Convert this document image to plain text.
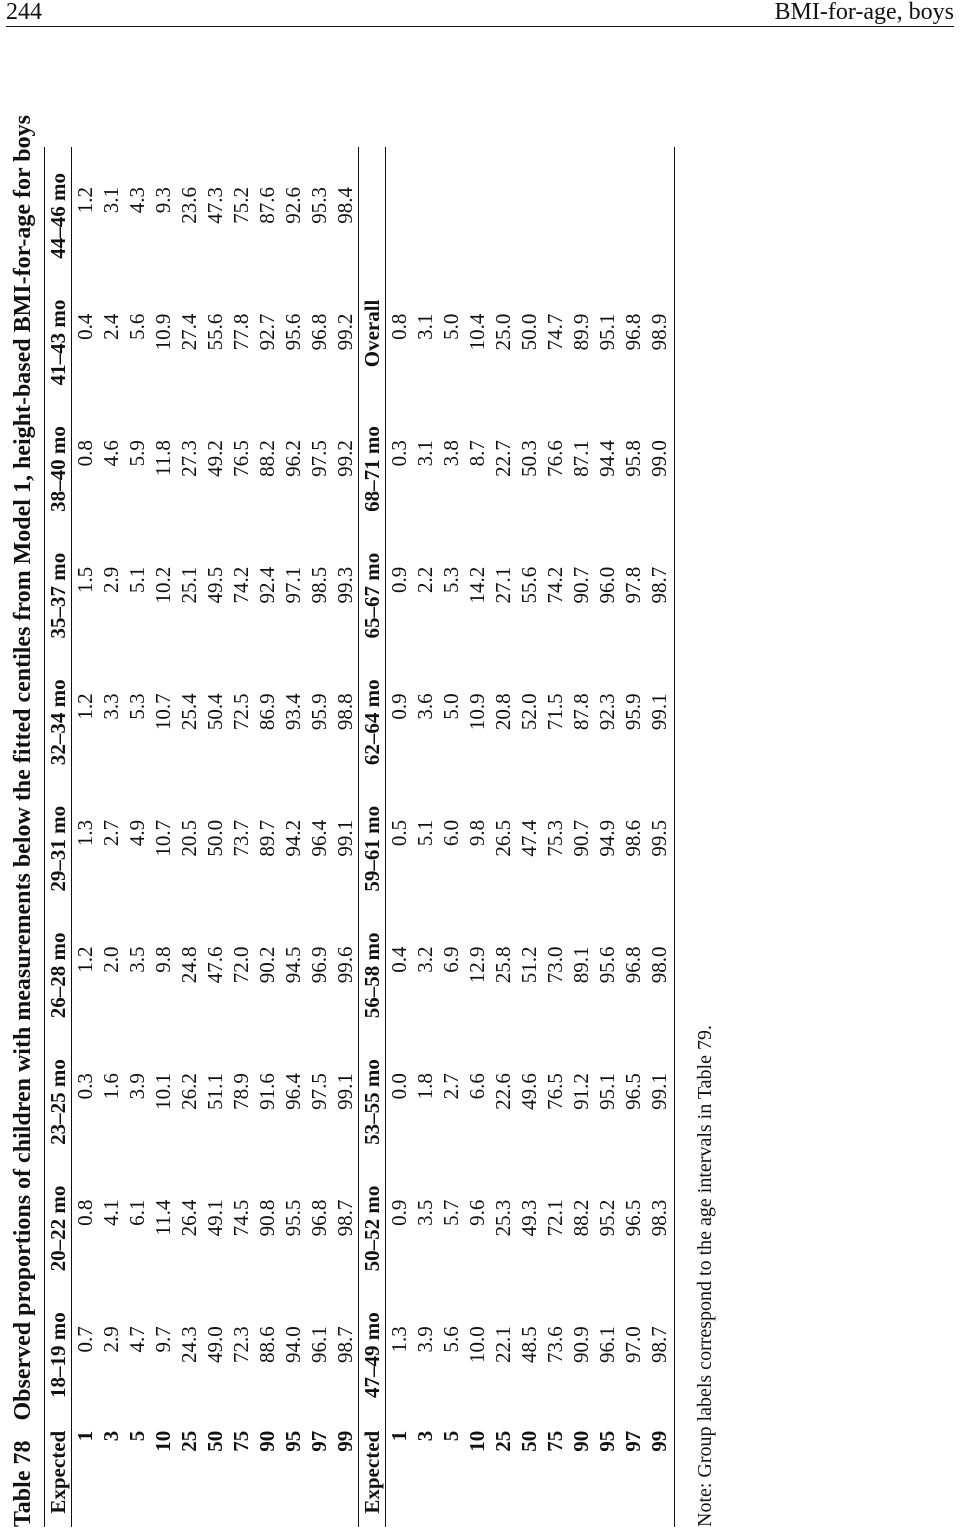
244	BMI-for-age, boys
Table 78 Observed proportions of children with measurements below the fitted centiles from Model 1, height-based BMI-for-age for boys
Expected	18–19 mo	20–22 mo	23–25 mo	26–28 mo	29–31 mo	32–34 mo	35–37 mo	38–40 mo	41–43 mo	44–46 mo
1	0.7	0.8	0.3	1.2	1.3	1.2	1.5	0.8	0.4	1.2
3	2.9	4.1	1.6	2.0	2.7	3.3	2.9	4.6	2.4	3.1
5	4.7	6.1	3.9	3.5	4.9	5.3	5.1	5.9	5.6	4.3
10	9.7	11.4	10.1	9.8	10.7	10.7	10.2	11.8	10.9	9.3
25	24.3	26.4	26.2	24.8	20.5	25.4	25.1	27.3	27.4	23.6
50	49.0	49.1	51.1	47.6	50.0	50.4	49.5	49.2	55.6	47.3
75	72.3	74.5	78.9	72.0	73.7	72.5	74.2	76.5	77.8	75.2
90	88.6	90.8	91.6	90.2	89.7	86.9	92.4	88.2	92.7	87.6
95	94.0	95.5	96.4	94.5	94.2	93.4	97.1	96.2	95.6	92.6
97	96.1	96.8	97.5	96.9	96.4	95.9	98.5	97.5	96.8	95.3
99	98.7	98.7	99.1	99.6	99.1	98.8	99.3	99.2	99.2	98.4
Expected	47–49 mo	50–52 mo	53–55 mo	56–58 mo	59–61 mo	62–64 mo	65–67 mo	68–71 mo	Overall	
1	1.3	0.9	0.0	0.4	0.5	0.9	0.9	0.3	0.8	
3	3.9	3.5	1.8	3.2	5.1	3.6	2.2	3.1	3.1	
5	5.6	5.7	2.7	6.9	6.0	5.0	5.3	3.8	5.0	
10	10.0	9.6	6.6	12.9	9.8	10.9	14.2	8.7	10.4	
25	22.1	25.3	22.6	25.8	26.5	20.8	27.1	22.7	25.0	
50	48.5	49.3	49.6	51.2	47.4	52.0	55.6	50.3	50.0	
75	73.6	72.1	76.5	73.0	75.3	71.5	74.2	76.6	74.7	
90	90.9	88.2	91.2	89.1	90.7	87.8	90.7	87.1	89.9	
95	96.1	95.2	95.1	95.6	94.9	92.3	96.0	94.4	95.1	
97	97.0	96.5	96.5	96.8	98.6	95.9	97.8	95.8	96.8	
99	98.7	98.3	99.1	98.0	99.5	99.1	98.7	99.0	98.9	

Note: Group labels correspond to the age intervals in Table 79.
